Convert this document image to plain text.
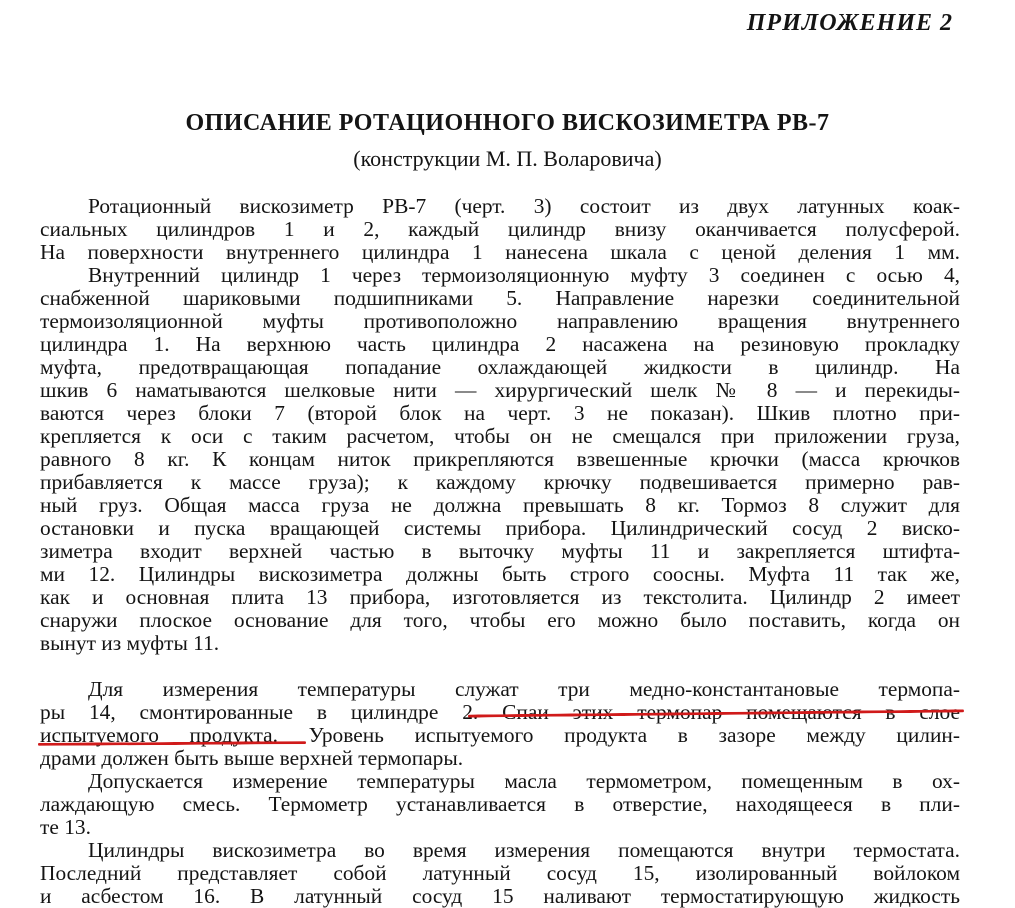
ПРИЛОЖЕНИЕ 2
ОПИСАНИЕ РОТАЦИОННОГО ВИСКОЗИМЕТРА РВ-7
(конструкции М. П. Воларовича)
Ротационный вискозиметр РВ-7 (черт. 3) состоит из двух латунных коак-
сиальных цилиндров 1 и 2, каждый цилиндр внизу оканчивается полусферой.
На поверхности внутреннего цилиндра 1 нанесена шкала с ценой деления 1 мм.
Внутренний цилиндр 1 через термоизоляционную муфту 3 соединен с осью 4,
снабженной шариковыми подшипниками 5. Направление нарезки соединительной
термоизоляционной муфты противоположно направлению вращения внутреннего
цилиндра 1. На верхнюю часть цилиндра 2 насажена на резиновую прокладку
муфта, предотвращающая попадание охлаждающей жидкости в цилиндр. На
шкив 6 наматываются шелковые нити — хирургический шелк № 8 — и перекиды-
ваются через блоки 7 (второй блок на черт. 3 не показан). Шкив плотно при-
крепляется к оси с таким расчетом, чтобы он не смещался при приложении груза,
равного 8 кг. К концам ниток прикрепляются взвешенные крючки (масса крючков
прибавляется к массе груза); к каждому крючку подвешивается примерно рав-
ный груз. Общая масса груза не должна превышать 8 кг. Тормоз 8 служит для
остановки и пуска вращающей системы прибора. Цилиндрический сосуд 2 виско-
зиметра входит верхней частью в выточку муфты 11 и закрепляется штифта-
ми 12. Цилиндры вискозиметра должны быть строго соосны. Муфта 11 так же,
как и основная плита 13 прибора, изготовляется из текстолита. Цилиндр 2 имеет
снаружи плоское основание для того, чтобы его можно было поставить, когда он
вынут из муфты 11.
Для измерения температуры служат три медно-константановые термопа-
ры 14, смонтированные в цилиндре 2. Спаи этих термопар помещаются в слое
испытуемого продукта. Уровень испытуемого продукта в зазоре между цилин-
драми должен быть выше верхней термопары.
Допускается измерение температуры масла термометром, помещенным в ох-
лаждающую смесь. Термометр устанавливается в отверстие, находящееся в пли-
те 13.
Цилиндры вискозиметра во время измерения помещаются внутри термостата.
Последний представляет собой латунный сосуд 15, изолированный войлоком
и асбестом 16. В латунный сосуд 15 наливают термостатирующую жидкость
